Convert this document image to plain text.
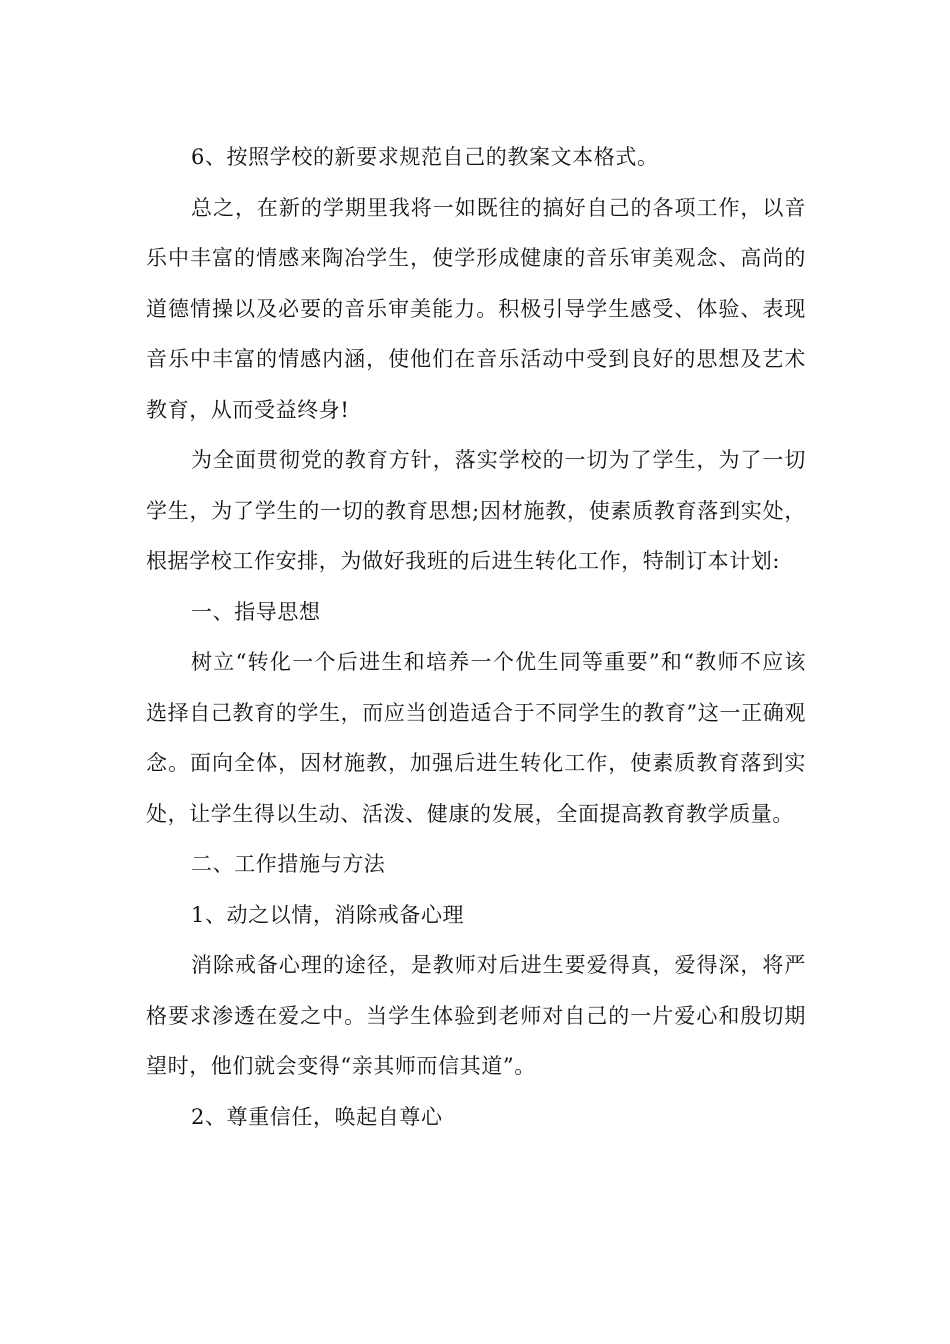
6、按照学校的新要求规范自己的教案文本格式。

总之，在新的学期里我将一如既往的搞好自己的各项工作，以音乐中丰富的情感来陶冶学生，使学形成健康的音乐审美观念、高尚的道德情操以及必要的音乐审美能力。积极引导学生感受、体验、表现音乐中丰富的情感内涵，使他们在音乐活动中受到良好的思想及艺术教育，从而受益终身!

为全面贯彻党的教育方针，落实学校的一切为了学生，为了一切学生，为了学生的一切的教育思想;因材施教，使素质教育落到实处，根据学校工作安排，为做好我班的后进生转化工作，特制订本计划:

一、指导思想

树立“转化一个后进生和培养一个优生同等重要”和“教师不应该选择自己教育的学生，而应当创造适合于不同学生的教育”这一正确观念。面向全体，因材施教，加强后进生转化工作，使素质教育落到实处，让学生得以生动、活泼、健康的发展，全面提高教育教学质量。

二、工作措施与方法

1、动之以情，消除戒备心理

消除戒备心理的途径，是教师对后进生要爱得真，爱得深，将严格要求渗透在爱之中。当学生体验到老师对自己的一片爱心和殷切期望时，他们就会变得“亲其师而信其道”。

2、尊重信任，唤起自尊心
